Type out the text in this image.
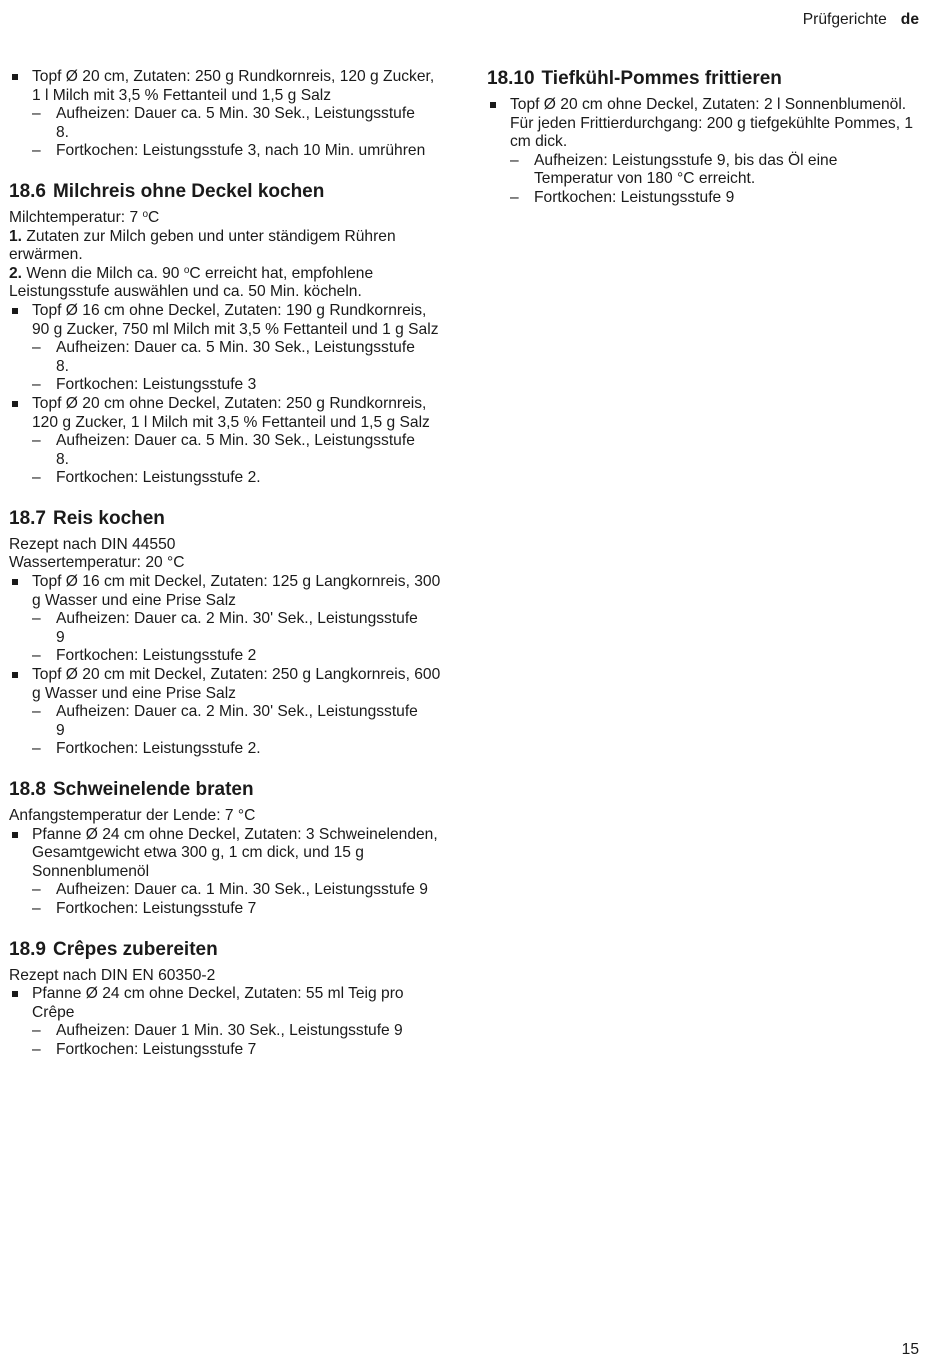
Prüfgerichte de
Topf Ø 20 cm, Zutaten: 250 g Rundkornreis, 120 g Zucker, 1 l Milch mit 3,5 % Fettanteil und 1,5 g Salz
– Aufheizen: Dauer ca. 5 Min. 30 Sek., Leistungsstufe 8.
– Fortkochen: Leistungsstufe 3, nach 10 Min. umrühren
18.6 Milchreis ohne Deckel kochen

Milchtemperatur: 7 $^o$C

1. Zutaten zur Milch geben und unter ständigem Rühren erwärmen.

2. Wenn die Milch ca. 90 $^o$C erreicht hat, empfohlene Leistungsstufe auswählen und ca. 50 Min. köcheln.

Topf Ø 16 cm ohne Deckel, Zutaten: 190 g Rundkornreis, 90 g Zucker, 750 ml Milch mit 3,5 % Fettanteil und 1 g Salz
– Aufheizen: Dauer ca. 5 Min. 30 Sek., Leistungsstufe 8.
– Fortkochen: Leistungsstufe 3
Topf Ø 20 cm ohne Deckel, Zutaten: 250 g Rundkornreis, 120 g Zucker, 1 l Milch mit 3,5 % Fettanteil und 1,5 g Salz
– Aufheizen: Dauer ca. 5 Min. 30 Sek., Leistungsstufe 8.
– Fortkochen: Leistungsstufe 2.
18.7 Reis kochen

Rezept nach DIN 44550

Wassertemperatur: 20 °C

Topf Ø 16 cm mit Deckel, Zutaten: 125 g Langkornreis, 300 g Wasser und eine Prise Salz
– Aufheizen: Dauer ca. 2 Min. 30' Sek., Leistungsstufe 9
– Fortkochen: Leistungsstufe 2
Topf Ø 20 cm mit Deckel, Zutaten: 250 g Langkornreis, 600 g Wasser und eine Prise Salz
– Aufheizen: Dauer ca. 2 Min. 30' Sek., Leistungsstufe 9
– Fortkochen: Leistungsstufe 2.
18.8 Schweinelende braten

Anfangstemperatur der Lende: 7 °C

Pfanne Ø 24 cm ohne Deckel, Zutaten: 3 Schweinelenden, Gesamtgewicht etwa 300 g, 1 cm dick, und 15 g Sonnenblumenöl
– Aufheizen: Dauer ca. 1 Min. 30 Sek., Leistungsstufe 9
– Fortkochen: Leistungsstufe 7
18.9 Crêpes zubereiten

Rezept nach DIN EN 60350-2

Pfanne Ø 24 cm ohne Deckel, Zutaten: 55 ml Teig pro Crêpe
– Aufheizen: Dauer 1 Min. 30 Sek., Leistungsstufe 9
– Fortkochen: Leistungsstufe 7
18.10 Tiefkühl-Pommes frittieren
Topf Ø 20 cm ohne Deckel, Zutaten: 2 l Sonnenblumenöl. Für jeden Frittierdurchgang: 200 g tiefgekühlte Pommes, 1 cm dick.
– Aufheizen: Leistungsstufe 9, bis das Öl eine Temperatur von 180 °C erreicht.
– Fortkochen: Leistungsstufe 9
15
